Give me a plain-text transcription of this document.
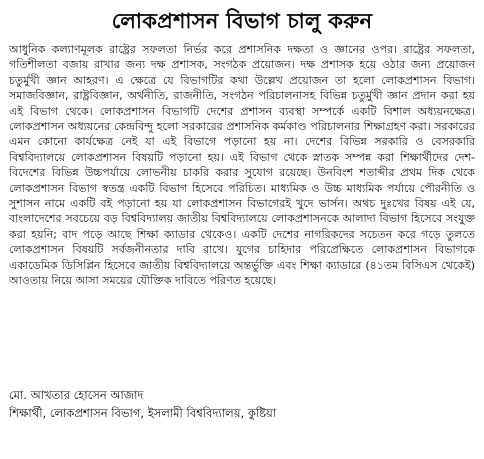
লোকপ্রশাসন বিভাগ চালু করুন

আধুনিক কল্যাণমূলক রাষ্ট্রের সফলতা নির্ভর করে প্রশাসনিক দক্ষতা ও জ্ঞানের ওপর। রাষ্ট্রের সফলতা, গতিশীলতা বজায় রাখার জন্য দক্ষ প্রশাসক, সংগঠক প্রয়োজন। দক্ষ প্রশাসক হয়ে ওঠার জন্য প্রয়োজন চতুর্মুখী জ্ঞান আহরণ। এ ক্ষেত্রে যে বিভাগটির কথা উল্লেখ প্রয়োজন তা হলো লোকপ্রশাসন বিভাগ। সমাজবিজ্ঞান, রাষ্ট্রবিজ্ঞান, অর্থনীতি, রাজনীতি, সংগঠন পরিচালনাসহ বিভিন্ন চতুর্মুখী জ্ঞান প্রদান করা হয় এই বিভাগ থেকে। লোকপ্রশাসন বিভাগটি দেশের প্রশাসন ব্যবস্থা সম্পর্কে একটি বিশাল অধ্যয়নক্ষেত্র। লোকপ্রশাসন অধ্যয়নের কেন্দ্রবিন্দু হলো সরকারের প্রশাসনিক কর্মকাণ্ড পরিচালনার শিক্ষাগ্রহণ করা। সরকারের এমন কোনো কার্যক্ষেত্র নেই যা এই বিভাগে পড়ানো হয় না। দেশের বিভিন্ন সরকারি ও বেসরকারি বিশ্ববিদ্যালয়ে লোকপ্রশাসন বিষয়টি পড়ানো হয়। এই বিভাগ থেকে স্নাতক সম্পন্ন করা শিক্ষার্থীদের দেশ-বিদেশের বিভিন্ন উচ্চপর্যায়ে লোভনীয় চাকরি করার সুযোগ রয়েছে। উনবিংশ শতাব্দীর প্রথম দিক থেকে লোকপ্রশাসন বিভাগ স্বতন্ত্র একটি বিভাগ হিসেবে পরিচিত। মাধ্যমিক ও উচ্চ মাধ্যমিক পর্যায়ে পৌরনীতি ও সুশাসন নামে একটি বই পড়ানো হয় যা লোকপ্রশাসন বিভাগেরই খুদে ভার্সন। অথচ দুঃখের বিষয় এই যে, বাংলাদেশের সবচেয়ে বড় বিশ্ববিদ্যালয় জাতীয় বিশ্ববিদ্যালয়ে লোকপ্রশাসনকে আলাদা বিভাগ হিসেবে সংযুক্ত করা হয়নি; বাদ পড়ে আছে শিক্ষা ক্যাডার থেকেও। একটি দেশের নাগরিকদের সচেতন করে গড়ে তুলতে লোকপ্রশাসন বিষয়টি সর্বজনীনতার দাবি রাখে। যুগের চাহিদার পরিপ্রেক্ষিতে লোকপ্রশাসন বিভাগকে একাডেমিক ডিসিপ্লিন হিসেবে জাতীয় বিশ্ববিদ্যালয়ে অন্তর্ভুক্তি এবং শিক্ষা ক্যাডারে (৪১তম বিসিএস থেকেই) আওতায় নিয়ে আসা সময়ের যৌক্তিক দাবিতে পরিণত হয়েছে।

মো. আখতার হোসেন আজাদ
শিক্ষার্থী, লোকপ্রশাসন বিভাগ, ইসলামী বিশ্ববিদ্যালয়, কুষ্টিয়া
